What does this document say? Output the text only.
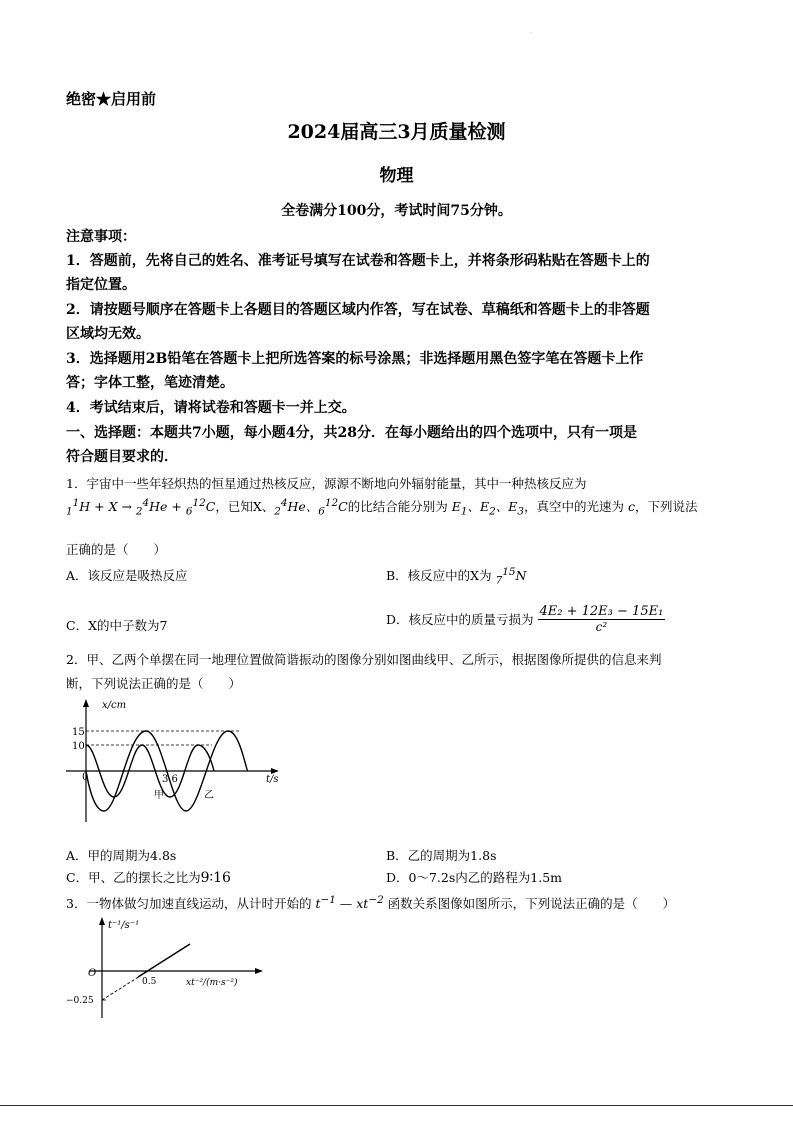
·
绝密★启用前
2024届高三3月质量检测
物理
全卷满分100分，考试时间75分钟。
注意事项：
1．答题前，先将自己的姓名、准考证号填写在试卷和答题卡上，并将条形码粘贴在答题卡上的
指定位置。
2．请按题号顺序在答题卡上各题目的答题区域内作答，写在试卷、草稿纸和答题卡上的非答题
区域均无效。
3．选择题用2B铅笔在答题卡上把所选答案的标号涂黑；非选择题用黑色签字笔在答题卡上作
答；字体工整，笔迹清楚。
4．考试结束后，请将试卷和答题卡一并上交。
一、选择题：本题共7小题，每小题4分，共28分．在每小题给出的四个选项中，只有一项是
符合题目要求的．
1．宇宙中一些年轻炽热的恒星通过热核反应，源源不断地向外辐射能量，其中一种热核反应为
$_1^1$H + X → $_2^4$He + $_6^{12}$C，已知X、$_2^4$He、$_6^{12}$C的比结合能分别为 $E_1$、$E_2$、$E_3$，真空中的光速为 c，下列说法
正确的是（　　）
A．该反应是吸热反应	B．核反应中的X为 $_7^{15}$N
C．X的中子数为7	D．核反应中的质量亏损为 $\frac{\text{4E₂ + 12E₃ − 15E₁}}{\text{c²}}$
2．甲、乙两个单摆在同一地理位置做简谐振动的图像分别如图曲线甲、乙所示，根据图像所提供的信息来判
断，下列说法正确的是（　　）
x/cm
t/s
0
15
10
3.6
甲	乙
A．甲的周期为4.8s	B．乙的周期为1.8s
C．甲、乙的摆长之比为9∶16	D．0～7.2s内乙的路程为1.5m
3．一物体做匀加速直线运动，从计时开始的 $t^{-1}$ — $xt^{-2}$ 函数关系图像如图所示，下列说法正确的是（　　）
t⁻¹/s⁻¹
xt⁻²/(m·s⁻²)
O
0.5
−0.25
